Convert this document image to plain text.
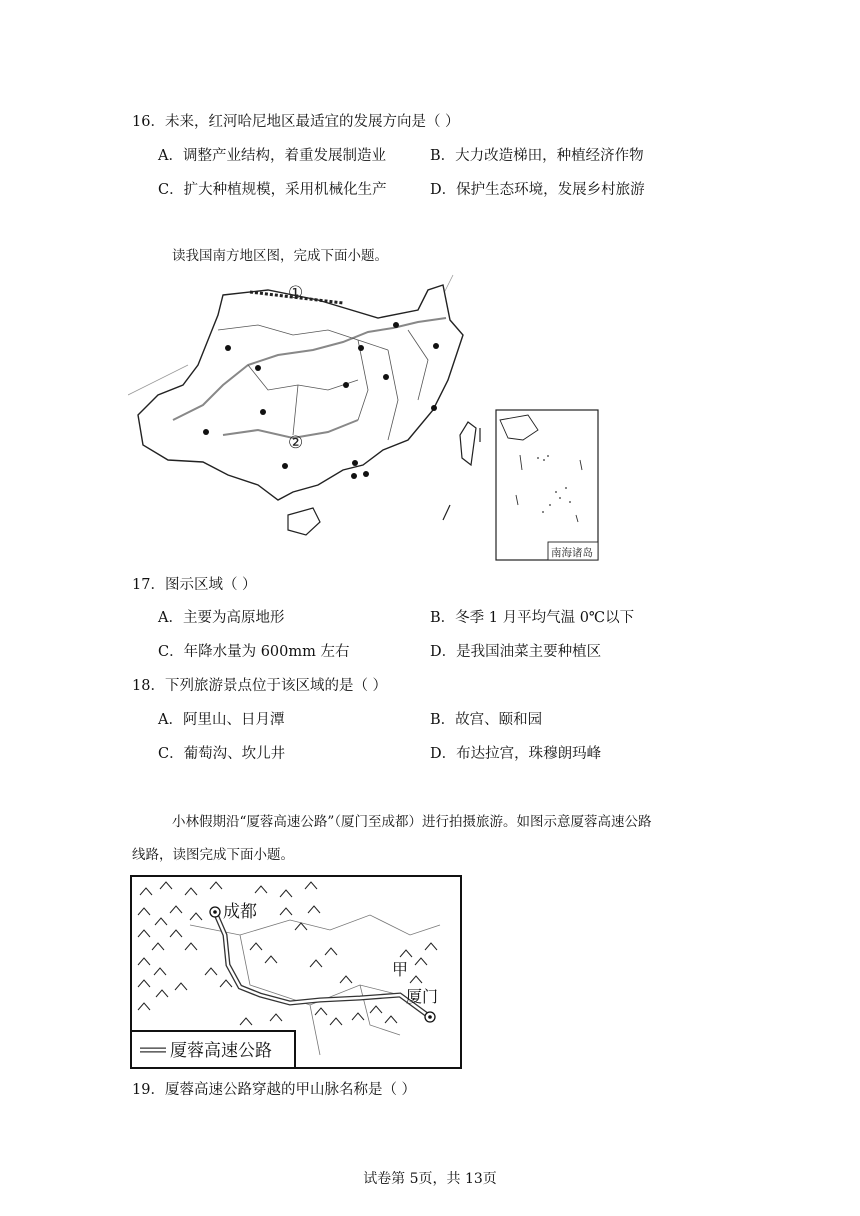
16．未来，红河哈尼地区最适宜的发展方向是（ ）
A．调整产业结构，着重发展制造业	B．大力改造梯田，种植经济作物
C．扩大种植规模，采用机械化生产	D．保护生态环境，发展乡村旅游
读我国南方地区图，完成下面小题。
①
②
南海诸岛
17．图示区域（ ）
A．主要为高原地形	B．冬季 1 月平均气温 0℃以下
C．年降水量为 600mm 左右	D．是我国油菜主要种植区
18．下列旅游景点位于该区域的是（ ）
A．阿里山、日月潭	B．故宫、颐和园
C．葡萄沟、坎儿井	D．布达拉宫，珠穆朗玛峰
小林假期沿“厦蓉高速公路”（厦门至成都）进行拍摄旅游。如图示意厦蓉高速公路
线路，读图完成下面小题。
成都
厦门
甲
厦蓉高速公路
19．厦蓉高速公路穿越的甲山脉名称是（ ）
试卷第 5页，共 13页
